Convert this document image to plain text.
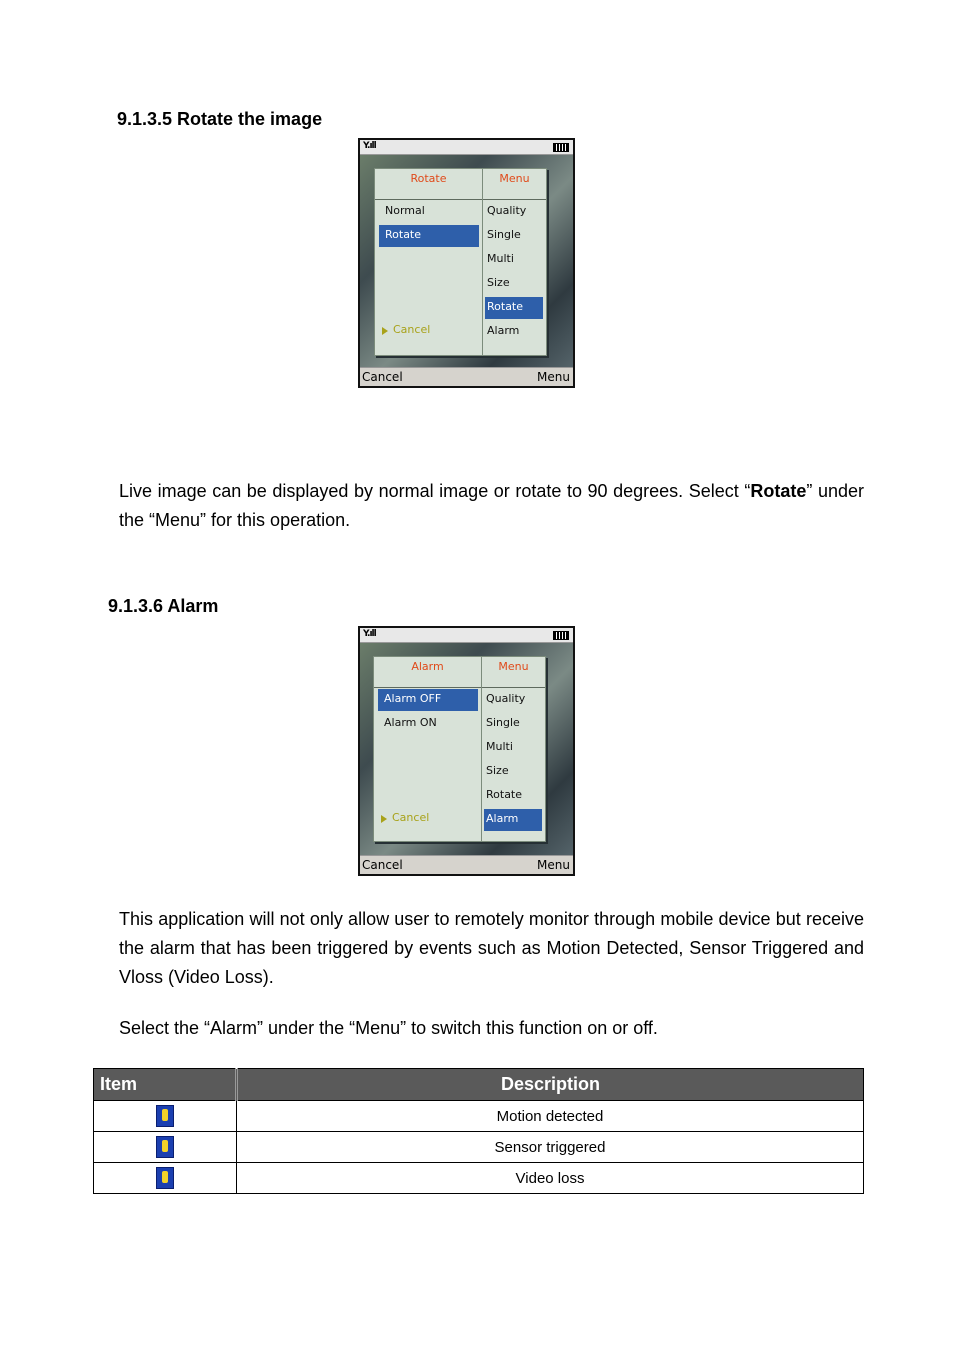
9.1.3.5 Rotate the image
Y.ıll
Rotate
Normal
Rotate
Cancel
Menu
Quality
Single
Multi
Size
Rotate
Alarm
Cancel	Menu
Live image can be displayed by normal image or rotate to 90 degrees. Select “Rotate” under the “Menu” for this operation.
9.1.3.6 Alarm
Y.ıll
Alarm
Alarm OFF
Alarm ON
Cancel
Menu
Quality
Single
Multi
Size
Rotate
Alarm
Cancel	Menu
This application will not only allow user to remotely monitor through mobile device but receive the alarm that has been triggered by events such as Motion Detected, Sensor Triggered and Vloss (Video Loss).
Select the “Alarm” under the “Menu” to switch this function on or off.
Item	Description
	Motion detected
	Sensor triggered
	Video loss
